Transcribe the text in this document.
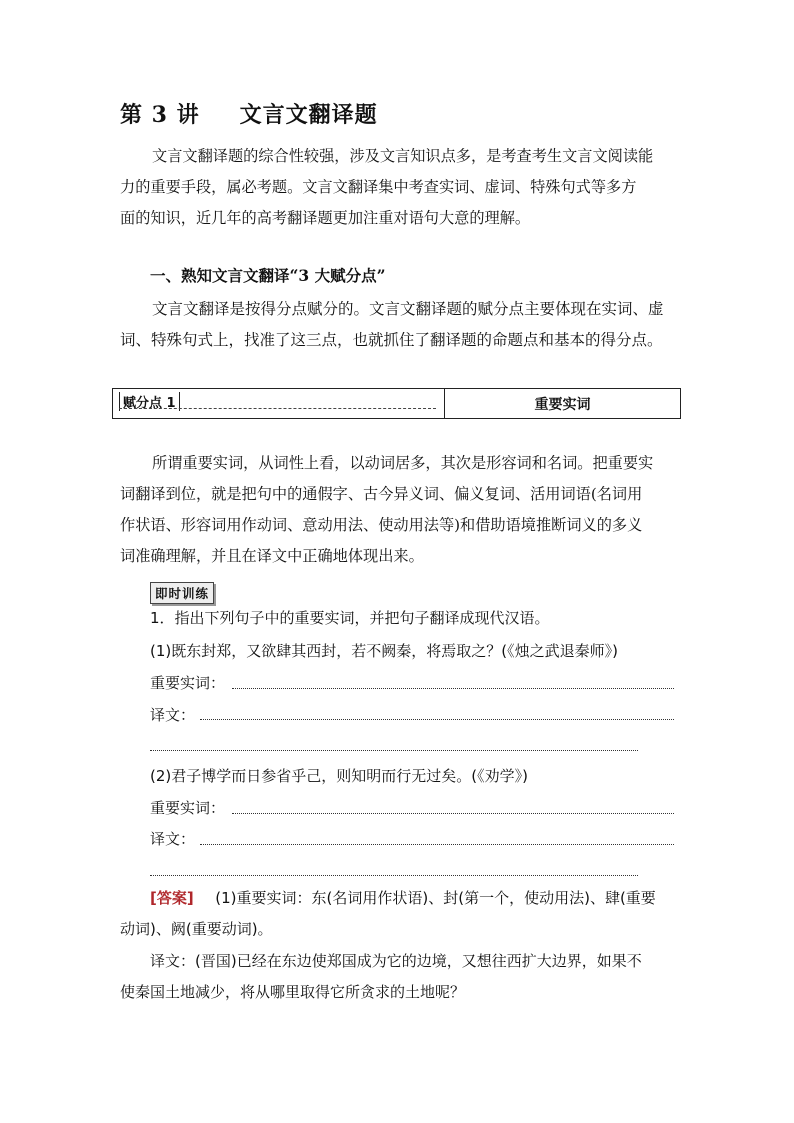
第 3 讲 文言文翻译题
文言文翻译题的综合性较强，涉及文言知识点多，是考查考生文言文阅读能
力的重要手段，属必考题。文言文翻译集中考查实词、虚词、特殊句式等多方
面的知识，近几年的高考翻译题更加注重对语句大意的理解。
一、熟知文言文翻译“3 大赋分点”
文言文翻译是按得分点赋分的。文言文翻译题的赋分点主要体现在实词、虚
词、特殊句式上，找准了这三点，也就抓住了翻译题的命题点和基本的得分点。
赋分点 1	重要实词
所谓重要实词，从词性上看，以动词居多，其次是形容词和名词。把重要实
词翻译到位，就是把句中的通假字、古今异义词、偏义复词、活用词语(名词用
作状语、形容词用作动词、意动用法、使动用法等)和借助语境推断词义的多义
词准确理解，并且在译文中正确地体现出来。
即时训练
1．指出下列句子中的重要实词，并把句子翻译成现代汉语。
(1)既东封郑，又欲肆其西封，若不阙秦，将焉取之？(《烛之武退秦师》)
重要实词：
译文：
(2)君子博学而日参省乎己，则知明而行无过矣。(《劝学》)
重要实词：
译文：
[答案] (1)重要实词：东(名词用作状语)、封(第一个，使动用法)、肆(重要
动词)、阙(重要动词)。
译文：(晋国)已经在东边使郑国成为它的边境，又想往西扩大边界，如果不
使秦国土地减少，将从哪里取得它所贪求的土地呢？
